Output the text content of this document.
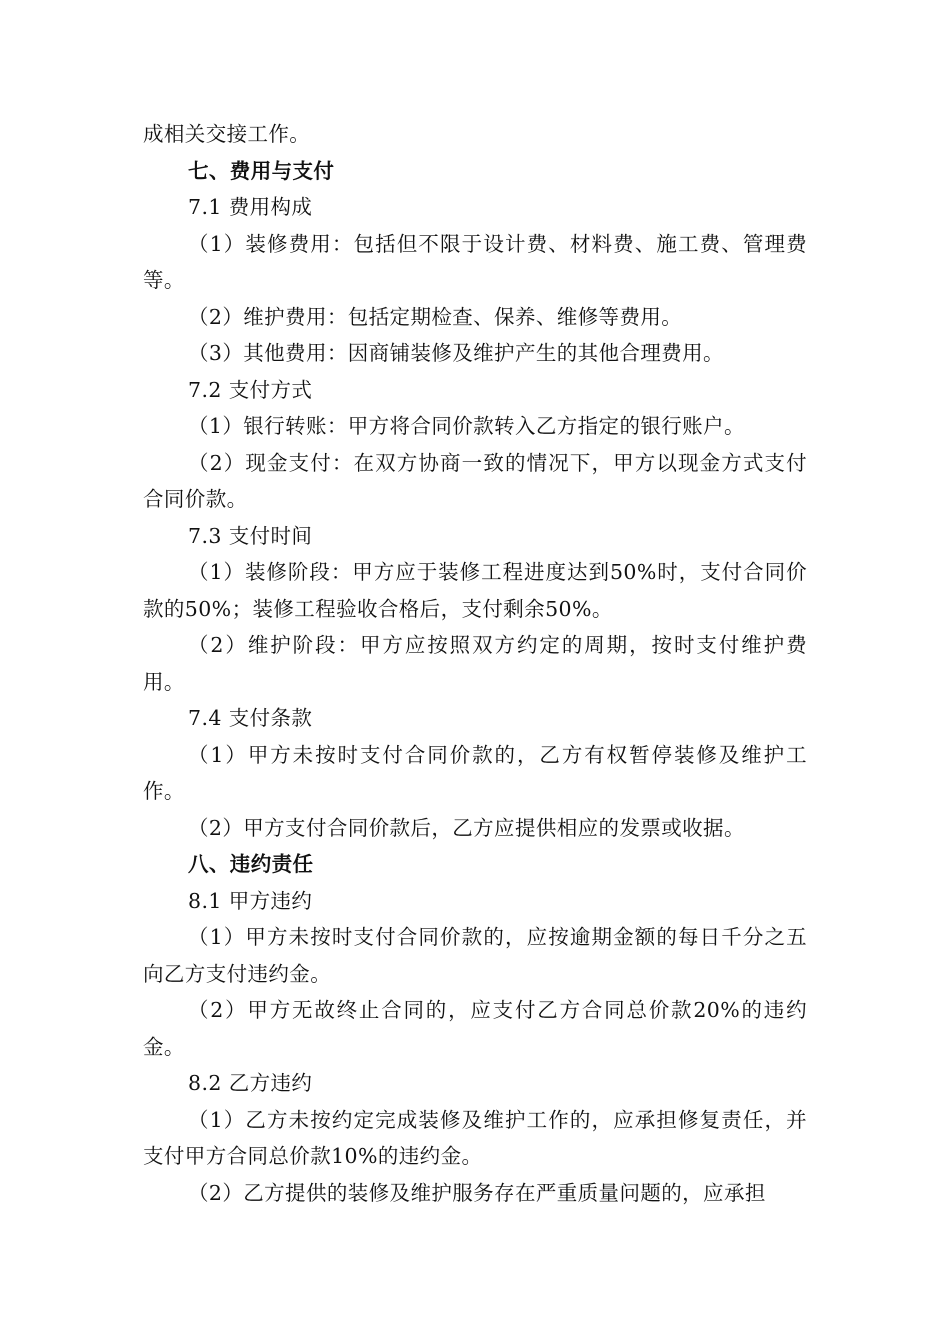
成相关交接工作。

七、费用与支付

7.1 费用构成

（1）装修费用：包括但不限于设计费、材料费、施工费、管理费等。

（2）维护费用：包括定期检查、保养、维修等费用。

（3）其他费用：因商铺装修及维护产生的其他合理费用。

7.2 支付方式

（1）银行转账：甲方将合同价款转入乙方指定的银行账户。

（2）现金支付：在双方协商一致的情况下，甲方以现金方式支付合同价款。

7.3 支付时间

（1）装修阶段：甲方应于装修工程进度达到50%时，支付合同价款的50%；装修工程验收合格后，支付剩余50%。

（2）维护阶段：甲方应按照双方约定的周期，按时支付维护费用。

7.4 支付条款

（1）甲方未按时支付合同价款的，乙方有权暂停装修及维护工作。

（2）甲方支付合同价款后，乙方应提供相应的发票或收据。

八、违约责任

8.1 甲方违约

（1）甲方未按时支付合同价款的，应按逾期金额的每日千分之五向乙方支付违约金。

（2）甲方无故终止合同的，应支付乙方合同总价款20%的违约金。

8.2 乙方违约

（1）乙方未按约定完成装修及维护工作的，应承担修复责任，并支付甲方合同总价款10%的违约金。

（2）乙方提供的装修及维护服务存在严重质量问题的，应承担
